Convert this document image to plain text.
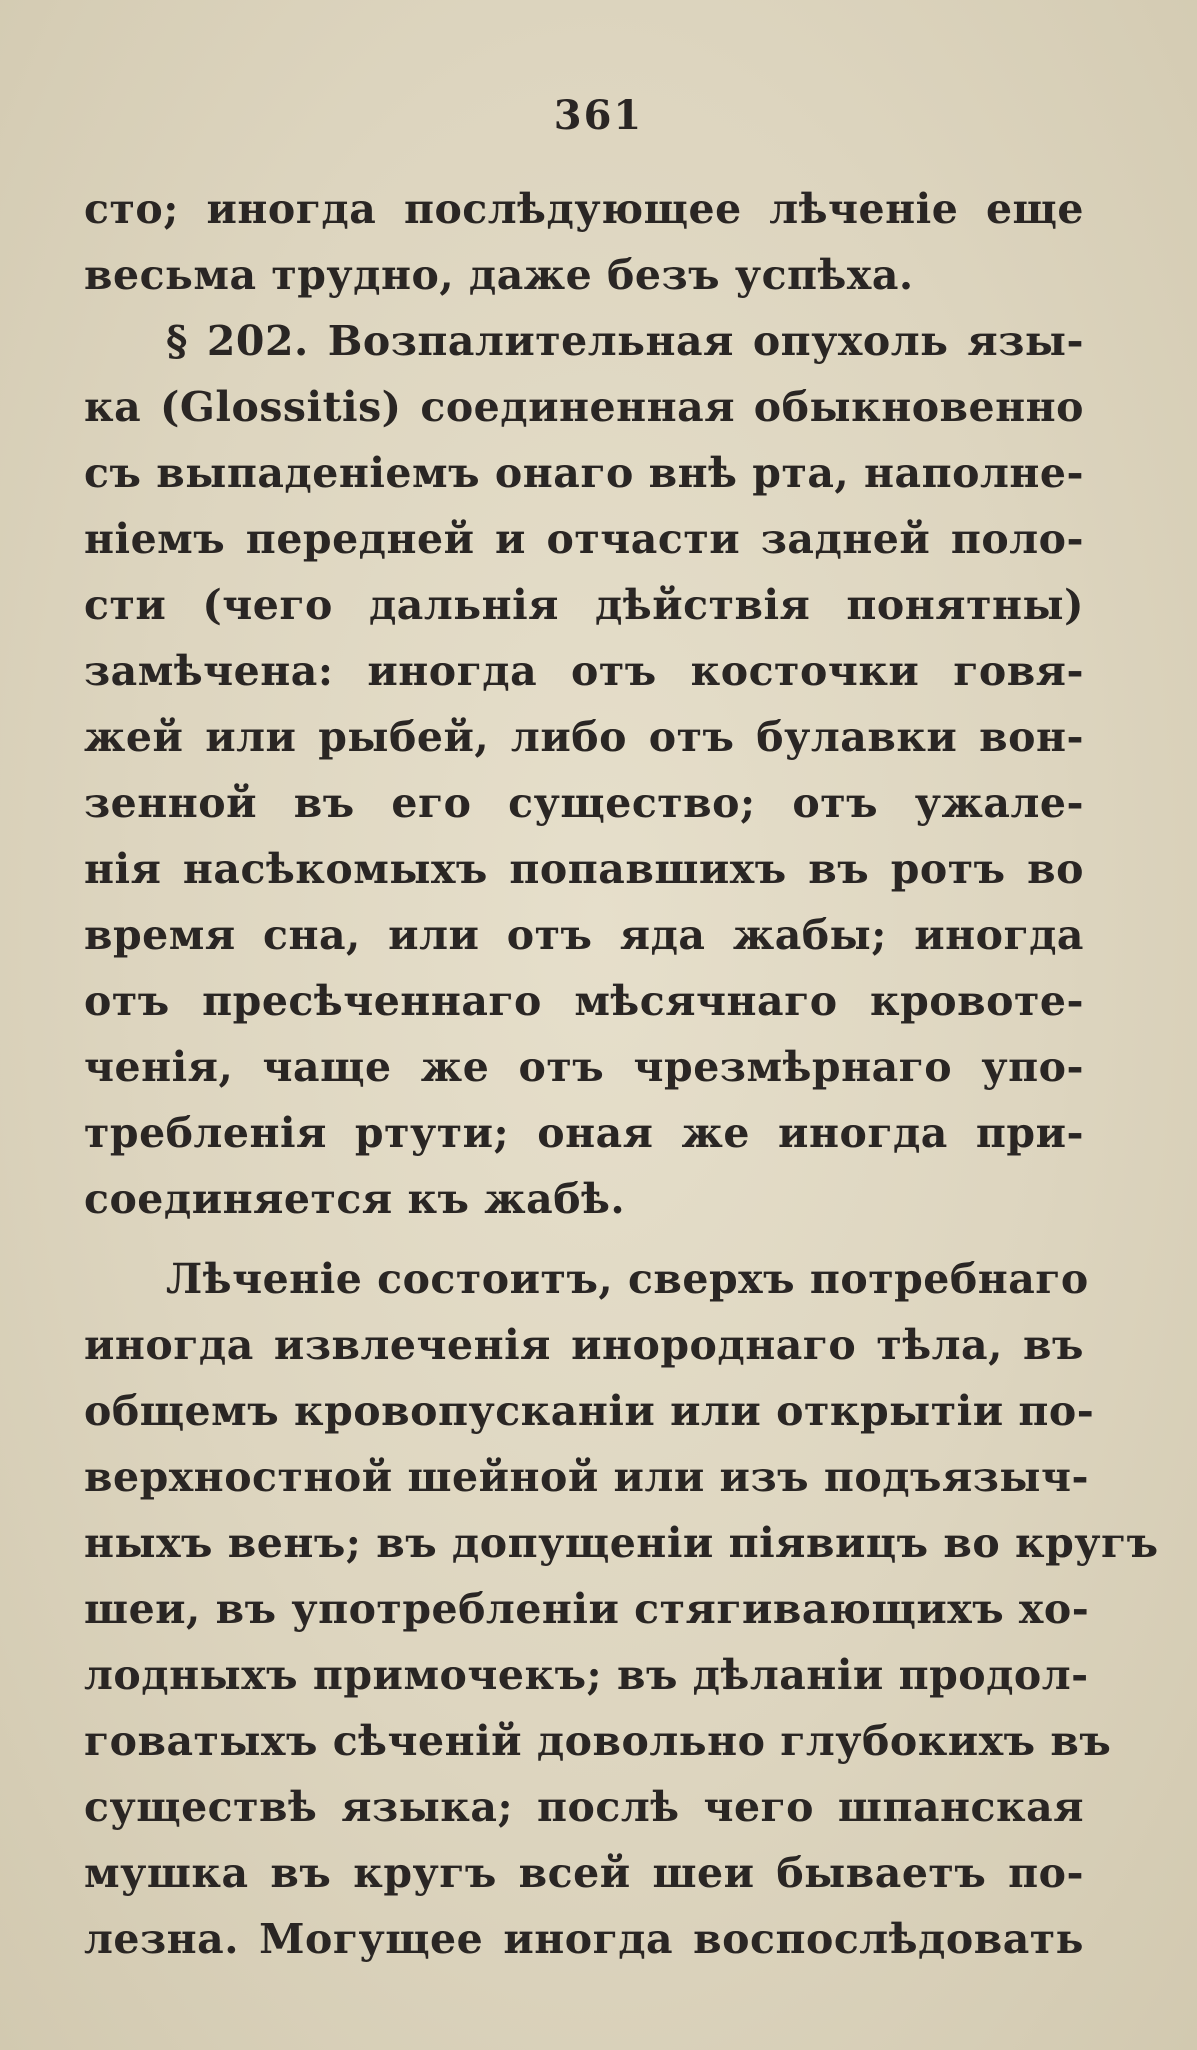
361
сто; иногда послѣдующее лѣченіе еще
весьма трудно, даже безъ успѣха.
§ 202. Возпалительная опухоль язы-
ка (Glossitis) соединенная обыкновенно
съ выпаденіемъ онаго внѣ рта, наполне-
ніемъ передней и отчасти задней поло-
сти (чего дальнія дѣйствія понятны)
замѣчена: иногда отъ косточки говя-
жей или рыбей, либо отъ булавки вон-
зенной въ его существо; отъ ужале-
нія насѣкомыхъ попавшихъ въ ротъ во
время сна, или отъ яда жабы; иногда
отъ пресѣченнаго мѣсячнаго кровоте-
ченія, чаще же отъ чрезмѣрнаго упо-
требленія ртути; оная же иногда при-
соединяется къ жабѣ.
Лѣченіе состоитъ, сверхъ потребнаго
иногда извлеченія инороднаго тѣла, въ
общемъ кровопусканіи или открытіи по-
верхностной шейной или изъ подъязыч-
ныхъ венъ; въ допущеніи піявицъ во кругъ
шеи, въ употребленіи стягивающихъ хо-
лодныхъ примочекъ; въ дѣланіи продол-
говатыхъ сѣченій довольно глубокихъ въ
существѣ языка; послѣ чего шпанская
мушка въ кругъ всей шеи бываетъ по-
лезна. Могущее иногда воспослѣдовать
